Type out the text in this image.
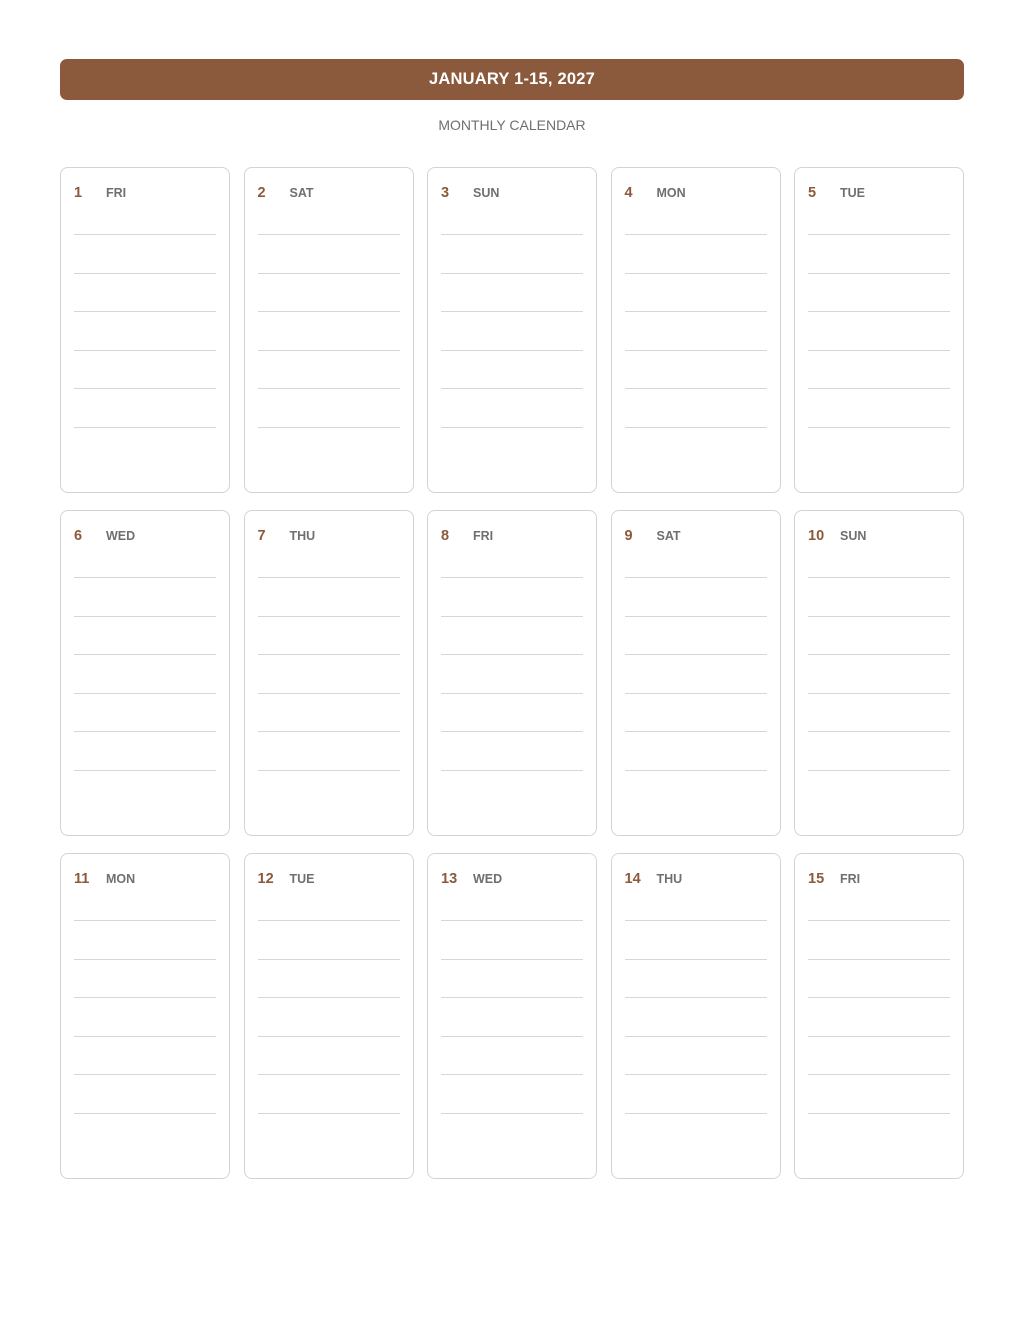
JANUARY 1-15, 2027
MONTHLY CALENDAR
1	FRI	2	SAT	3	SUN	4	MON	5	TUE
6	WED	7	THU	8	FRI	9	SAT	10	SUN
11	MON	12	TUE	13	WED	14	THU	15	FRI
